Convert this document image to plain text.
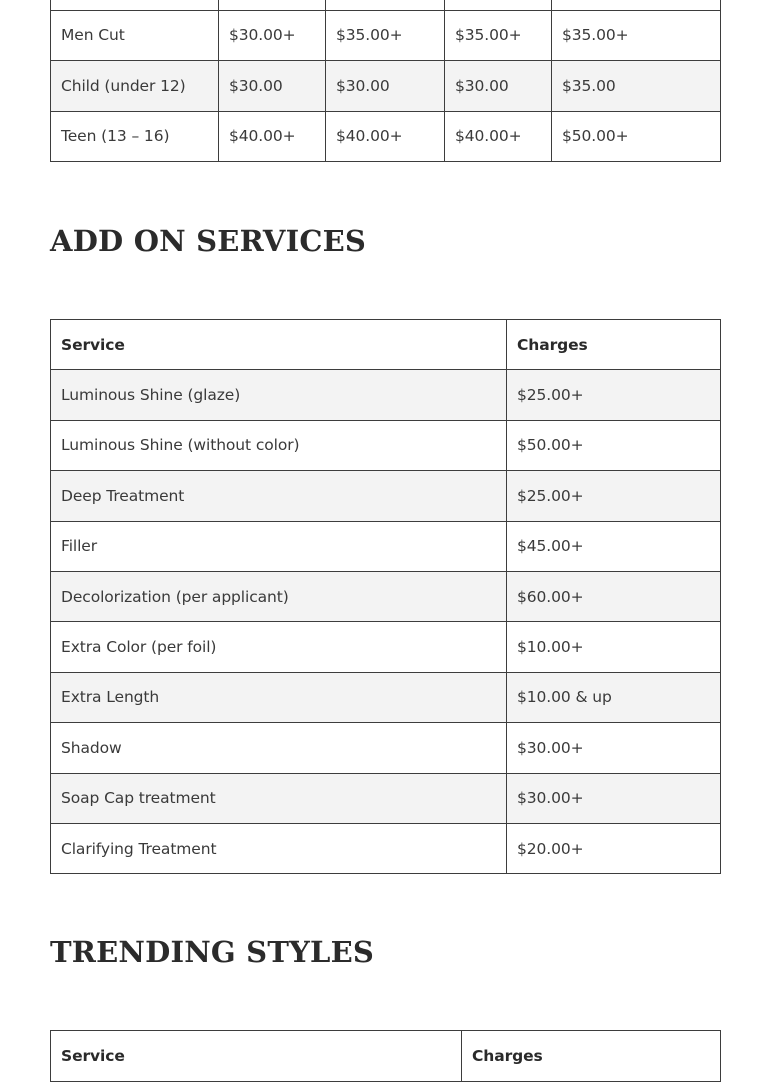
Men Cut	$30.00+	$35.00+	$35.00+	$35.00+
Child (under 12)	$30.00	$30.00	$30.00	$35.00
Teen (13 – 16)	$40.00+	$40.00+	$40.00+	$50.00+
ADD ON SERVICES
Service	Charges
Luminous Shine (glaze)	$25.00+
Luminous Shine (without color)	$50.00+
Deep Treatment	$25.00+
Filler	$45.00+
Decolorization (per applicant)	$60.00+
Extra Color (per foil)	$10.00+
Extra Length	$10.00 & up
Shadow	$30.00+
Soap Cap treatment	$30.00+
Clarifying Treatment	$20.00+
TRENDING STYLES
Service	Charges
